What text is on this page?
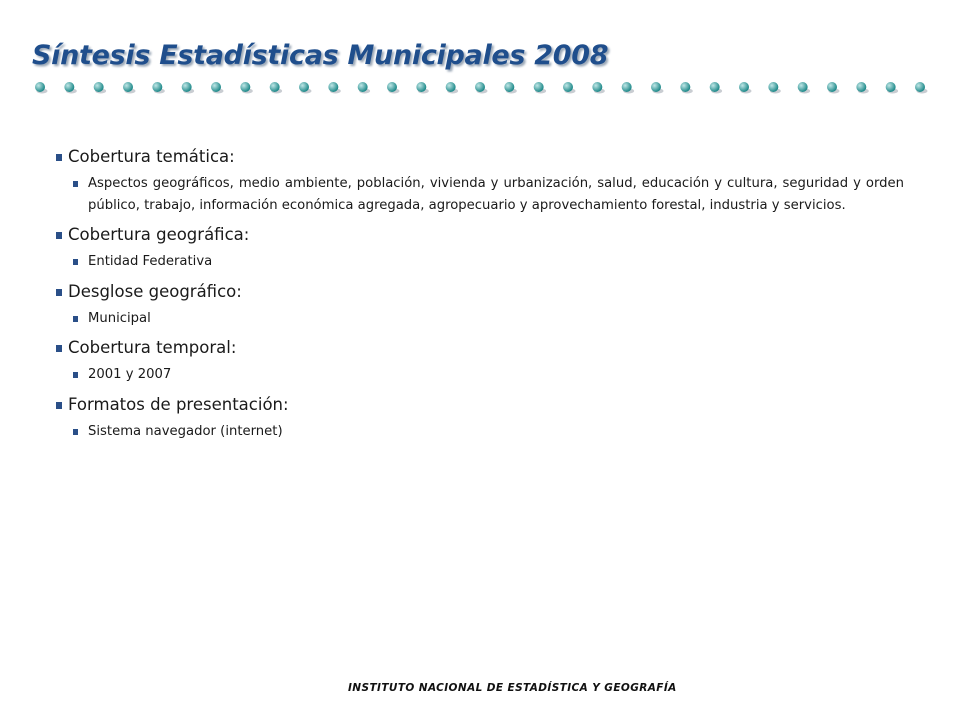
Síntesis Estadísticas Municipales 2008
Cobertura temática:
Aspectos geográficos, medio ambiente, población, vivienda y urbanización, salud, educación y cultura, seguridad y orden público, trabajo, información económica agregada, agropecuario y aprovechamiento forestal, industria y servicios.
Cobertura geográfica:
Entidad Federativa
Desglose geográfico:
Municipal
Cobertura temporal:
2001 y 2007
Formatos de presentación:
Sistema navegador (internet)
INSTITUTO NACIONAL DE ESTADÍSTICA Y GEOGRAFÍA
